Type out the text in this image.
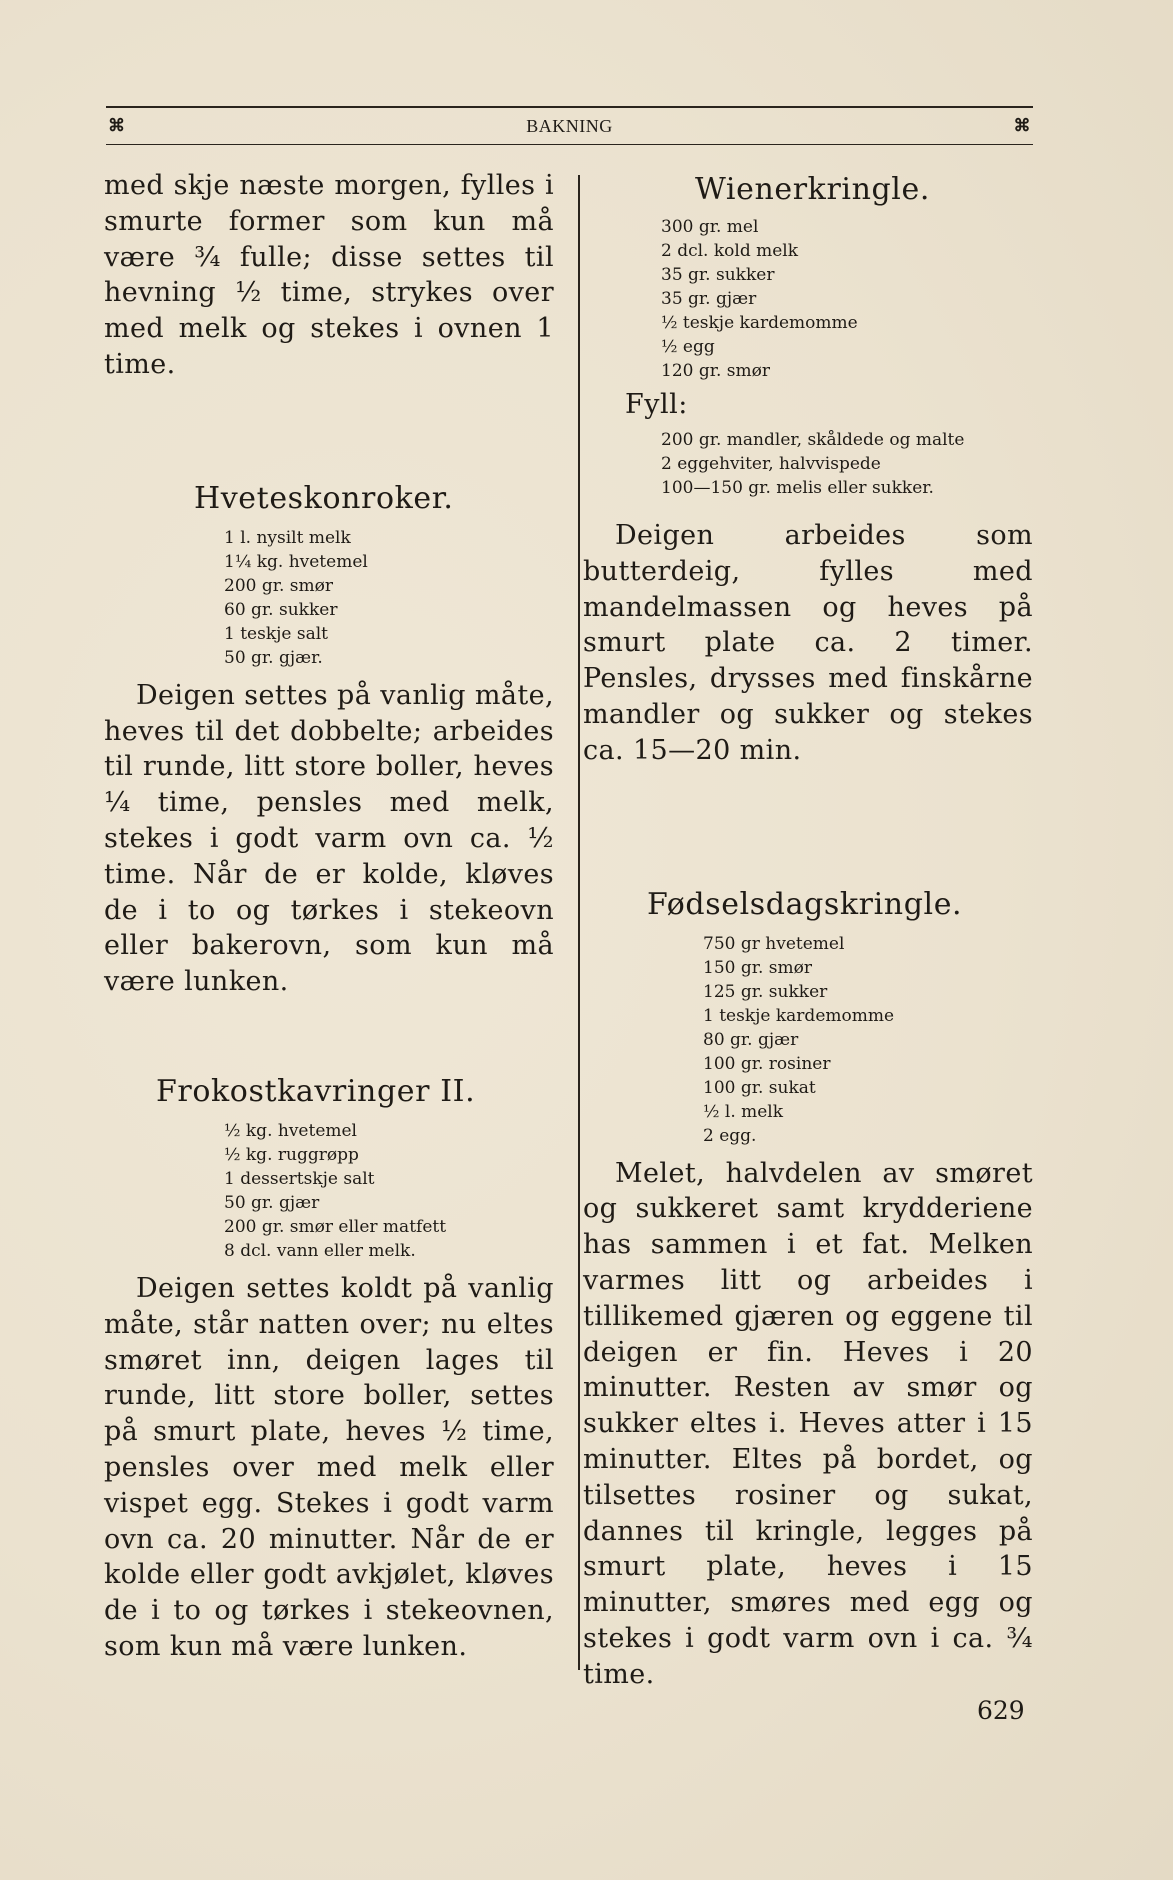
⌘	BAKNING	⌘

med skje næste morgen, fylles i smurte former som kun må være ¾ fulle; disse settes til hevning ½ time, strykes over med melk og stekes i ovnen 1 time.

Hveteskonroker.
1 l. nysilt melk
1¼ kg. hvetemel
200 gr. smør
60 gr. sukker
1 teskje salt
50 gr. gjær.

Deigen settes på vanlig måte, heves til det dobbelte; arbeides til runde, litt store boller, heves ¼ time, pensles med melk, stekes i godt varm ovn ca. ½ time. Når de er kolde, kløves de i to og tørkes i stekeovn eller bakerovn, som kun må være lunken.

Frokostkavringer II.
½ kg. hvetemel
½ kg. ruggrøpp
1 dessertskje salt
50 gr. gjær
200 gr. smør eller matfett
8 dcl. vann eller melk.

Deigen settes koldt på vanlig måte, står natten over; nu eltes smøret inn, deigen lages til runde, litt store boller, settes på smurt plate, heves ½ time, pensles over med melk eller vispet egg. Stekes i godt varm ovn ca. 20 minutter. Når de er kolde eller godt avkjølet, kløves de i to og tørkes i stekeovnen, som kun må være lunken.

Wienerkringle.
300 gr. mel
2 dcl. kold melk
35 gr. sukker
35 gr. gjær
½ teskje kardemomme
½ egg
120 gr. smør

Fyll:

200 gr. mandler, skåldede og malte
2 eggehviter, halvvispede
100—150 gr. melis eller sukker.

Deigen arbeides som butterdeig, fylles med mandelmassen og heves på smurt plate ca. 2 timer. Pensles, drysses med finskårne mandler og sukker og stekes ca. 15—20 min.

Fødselsdagskringle.
750 gr hvetemel
150 gr. smør
125 gr. sukker
1 teskje kardemomme
80 gr. gjær
100 gr. rosiner
100 gr. sukat
½ l. melk
2 egg.

Melet, halvdelen av smøret og sukkeret samt krydderiene has sammen i et fat. Melken varmes litt og arbeides i tillikemed gjæren og eggene til deigen er fin. Heves i 20 minutter. Resten av smør og sukker eltes i. Heves atter i 15 minutter. Eltes på bordet, og tilsettes rosiner og sukat, dannes til kringle, legges på smurt plate, heves i 15 minutter, smøres med egg og stekes i godt varm ovn i ca. ¾ time.

629
